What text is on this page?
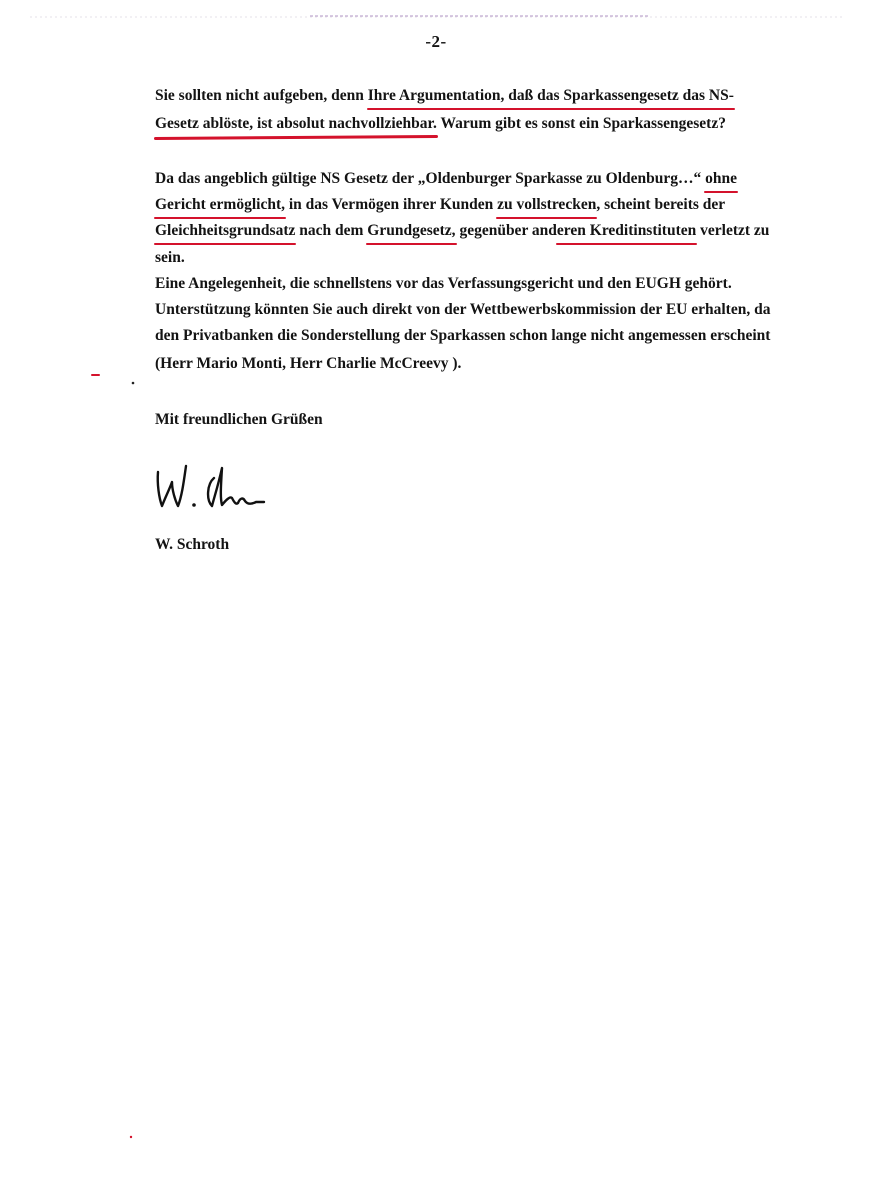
-2-
Sie sollten nicht aufgeben, denn Ihre Argumentation, daß das Sparkassengesetz das NS-
Gesetz ablöste, ist absolut nachvollziehbar. Warum gibt es sonst ein Sparkassengesetz?
Da das angeblich gültige NS Gesetz der „Oldenburger Sparkasse zu Oldenburg…“ ohne
Gericht ermöglicht, in das Vermögen ihrer Kunden zu vollstrecken, scheint bereits der
Gleichheitsgrundsatz nach dem Grundgesetz, gegenüber anderen Kreditinstituten verletzt zu
sein.
Eine Angelegenheit, die schnellstens vor das Verfassungsgericht und den EUGH gehört.
Unterstützung könnten Sie auch direkt von der Wettbewerbskommission der EU erhalten, da
den Privatbanken die Sonderstellung der Sparkassen schon lange nicht angemessen erscheint
(Herr Mario Monti, Herr Charlie McCreevy ).
Mit freundlichen Grüßen
W. Schroth
